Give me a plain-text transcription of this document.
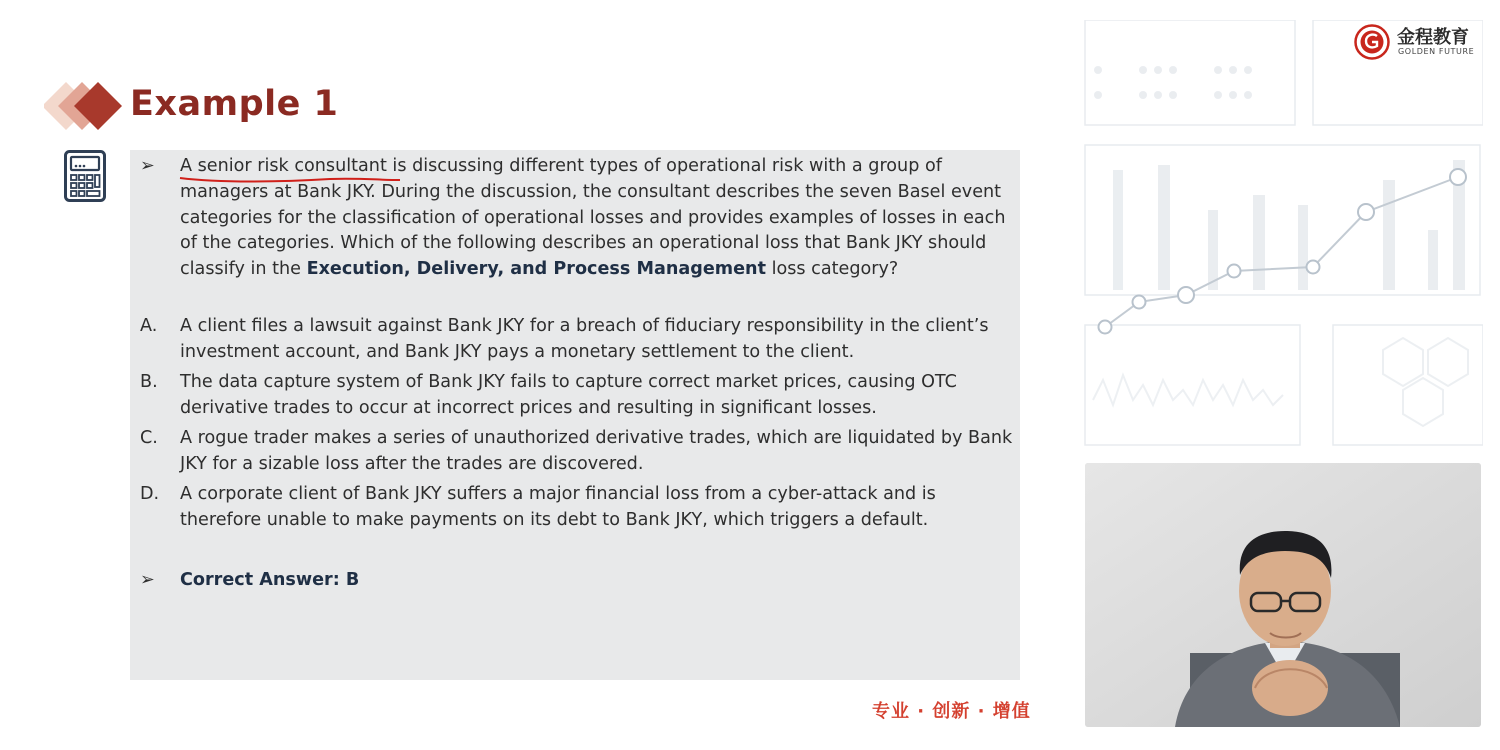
Example 1
➢	A senior risk consultant is discussing different types of operational risk with a group of managers at Bank JKY. During the discussion, the consultant describes the seven Basel event categories for the classification of operational losses and provides examples of losses in each of the categories. Which of the following describes an operational loss that Bank JKY should classify in the Execution, Delivery, and Process Management loss category?
A.	A client files a lawsuit against Bank JKY for a breach of fiduciary responsibility in the client’s investment account, and Bank JKY pays a monetary settlement to the client.
B.	The data capture system of Bank JKY fails to capture correct market prices, causing OTC derivative trades to occur at incorrect prices and resulting in significant losses.
C.	A rogue trader makes a series of unauthorized derivative trades, which are liquidated by Bank JKY for a sizable loss after the trades are discovered.
D.	A corporate client of Bank JKY suffers a major financial loss from a cyber-attack and is therefore unable to make payments on its debt to Bank JKY, which triggers a default.
➢	Correct Answer: B
专业 · 创新 · 增值
金程教育
GOLDEN FUTURE
